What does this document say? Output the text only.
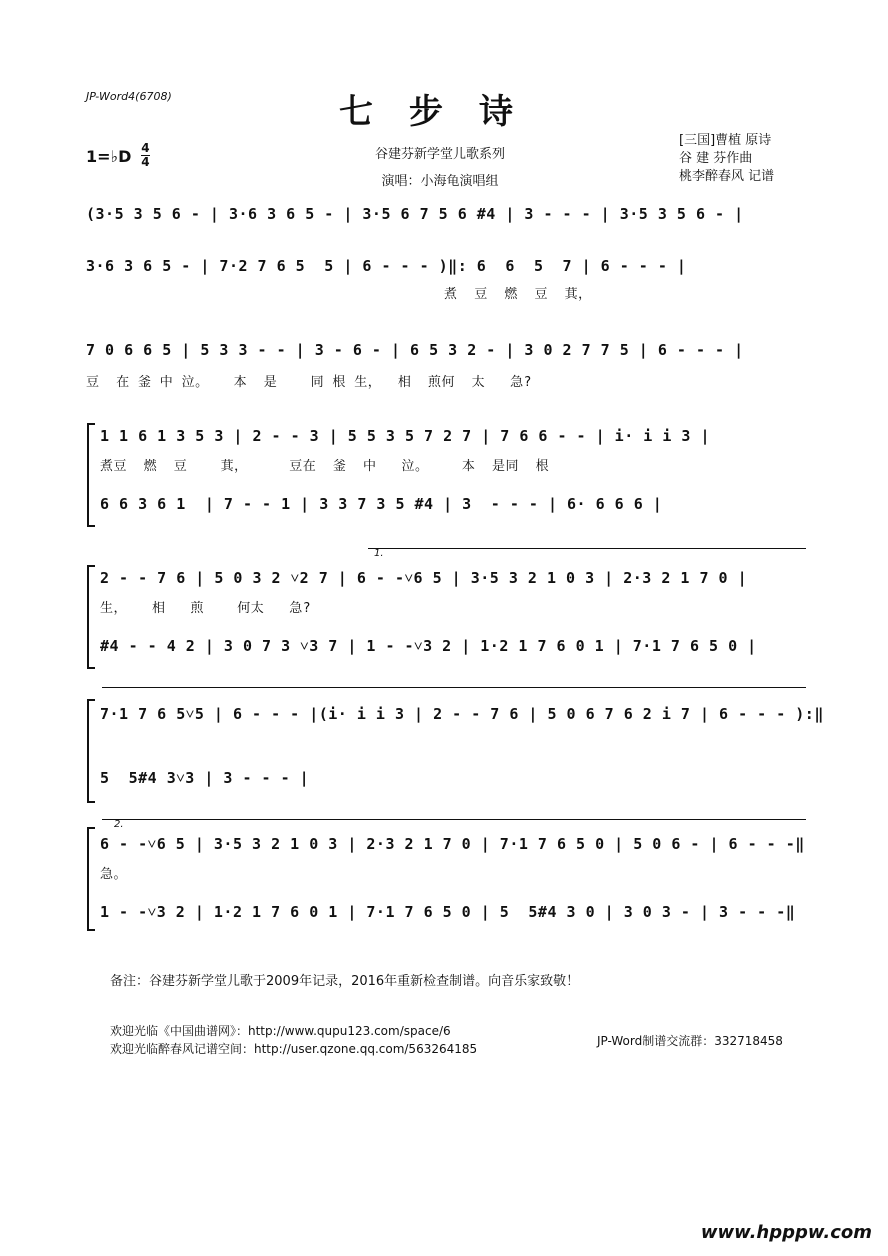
JP-Word4(6708)	七步诗
1=♭D $\frac{4}{4}$	谷建芬新学堂儿歌系列
演唱：小海龟演唱组
[三国]曹植 原诗
谷 建 芬作曲
桃李醉春风 记谱
(3·5 3 5 6 - | 3·6 3 6 5 - | 3·5 6 7 5 6 #4 | 3 - - - | 3·5 3 5 6 - |
3·6 3 6 5 - | 7·2 7 6 5  5 | 6 - - - )‖: 6  6  5  7 | 6 - - - |
煮  豆  燃  豆  萁，
7 0 6 6 5 | 5 3 3 - - | 3 - 6 - | 6 5 3 2 - | 3 0 2 7 7 5 | 6 - - - |
豆  在 釜 中 泣。   本  是    同 根 生，  相  煎何  太   急?
1 1 6 1 3 5 3 | 2 - - 3 | 5 5 3 5 7 2 7 | 7 6 6 - - | i· i i 3 |
煮豆  燃  豆    萁，     豆在  釜  中   泣。    本  是同  根
6 6 3 6 1  | 7 - - 1 | 3 3 7 3 5 #4 | 3  - - - | 6· 6 6 6 |
1.
2 - - 7 6 | 5 0 3 2 ˅2 7 | 6 - -˅6 5 | 3·5 3 2 1 0 3 | 2·3 2 1 7 0 |
生，   相   煎    何太   急?
#4 - - 4 2 | 3 0 7 3 ˅3 7 | 1 - -˅3 2 | 1·2 1 7 6 0 1 | 7·1 7 6 5 0 |
7·1 7 6 5˅5 | 6 - - - |(i· i i 3 | 2 - - 7 6 | 5 0 6 7 6 2 i 7 | 6 - - - ):‖
5  5#4 3˅3 | 3 - - - |
2.
6 - -˅6 5 | 3·5 3 2 1 0 3 | 2·3 2 1 7 0 | 7·1 7 6 5 0 | 5 0 6 - | 6 - - -‖
急。
1 - -˅3 2 | 1·2 1 7 6 0 1 | 7·1 7 6 5 0 | 5  5#4 3 0 | 3 0 3 - | 3 - - -‖
备注：谷建芬新学堂儿歌于2009年记录，2016年重新检查制谱。向音乐家致敬！
欢迎光临《中国曲谱网》：http://www.qupu123.com/space/6
欢迎光临醉春风记谱空间：http://user.qzone.qq.com/563264185
JP-Word制谱交流群：332718458
www.hpppw.com
